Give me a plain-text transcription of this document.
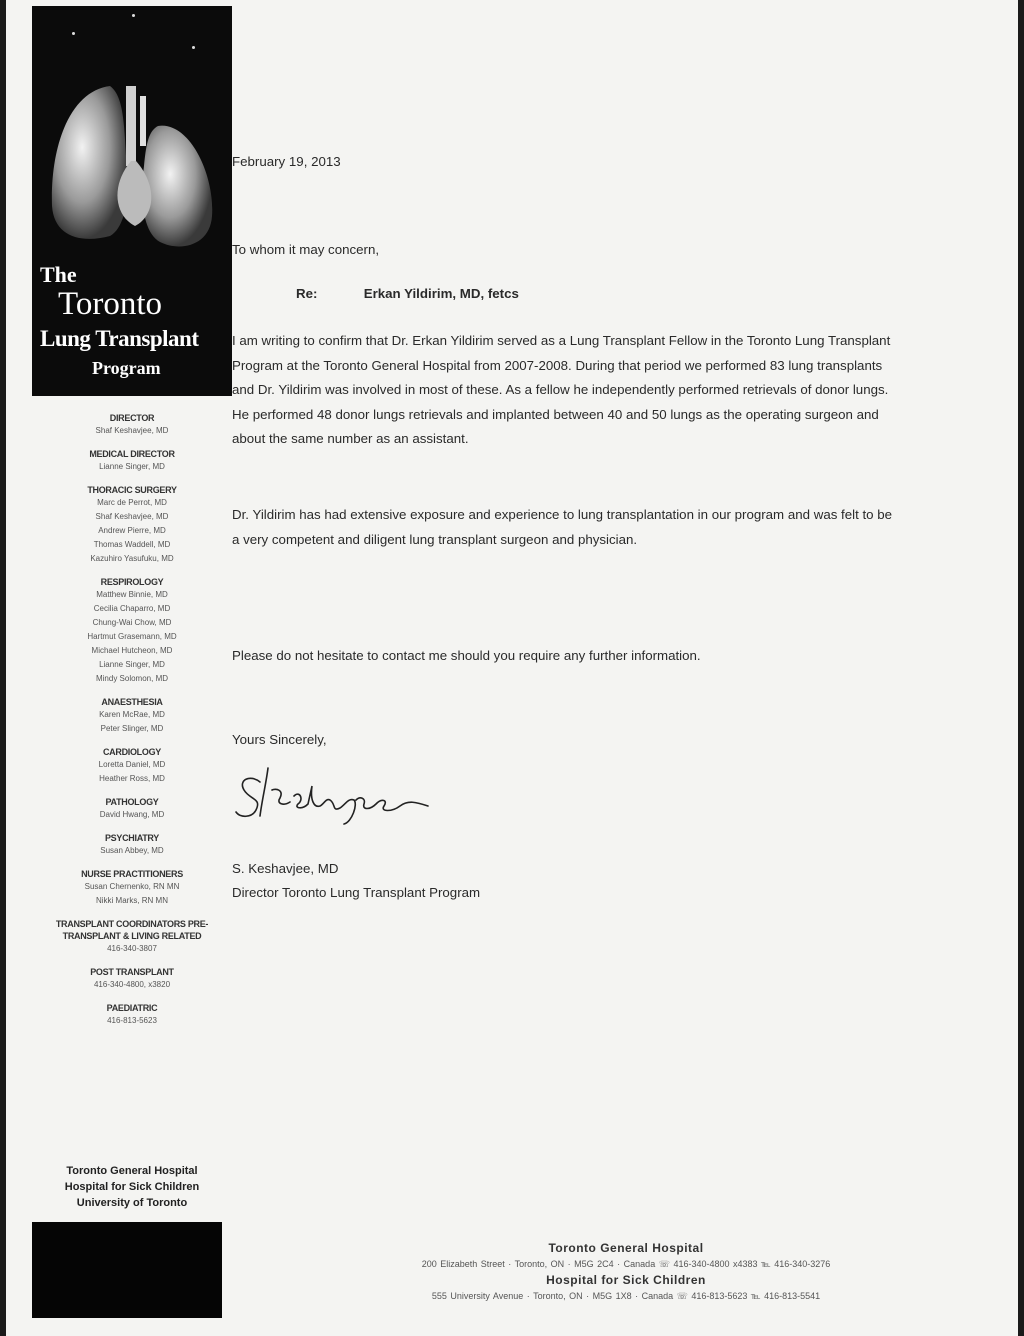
The
Toronto
Lung Transplant
Program
DIRECTOR
Shaf Keshavjee, MD
MEDICAL DIRECTOR
Lianne Singer, MD
THORACIC SURGERY
Marc de Perrot, MD
Shaf Keshavjee, MD
Andrew Pierre, MD
Thomas Waddell, MD
Kazuhiro Yasufuku, MD
RESPIROLOGY
Matthew Binnie, MD
Cecilia Chaparro, MD
Chung-Wai Chow, MD
Hartmut Grasemann, MD
Michael Hutcheon, MD
Lianne Singer, MD
Mindy Solomon, MD
ANAESTHESIA
Karen McRae, MD
Peter Slinger, MD
CARDIOLOGY
Loretta Daniel, MD
Heather Ross, MD
PATHOLOGY
David Hwang, MD
PSYCHIATRY
Susan Abbey, MD
NURSE PRACTITIONERS
Susan Chernenko, RN MN
Nikki Marks, RN MN
TRANSPLANT COORDINATORS PRE-TRANSPLANT & LIVING RELATED
416-340-3807
POST TRANSPLANT
416-340-4800, x3820
PAEDIATRIC
416-813-5623
Toronto General Hospital
Hospital for Sick Children
University of Toronto
February 19, 2013
To whom it may concern,
Re:	Erkan Yildirim, MD, fetcs
I am writing to confirm that Dr. Erkan Yildirim served as a Lung Transplant Fellow in the Toronto Lung Transplant Program at the Toronto General Hospital from 2007-2008. During that period we performed 83 lung transplants and Dr. Yildirim was involved in most of these. As a fellow he independently performed retrievals of donor lungs. He performed 48 donor lungs retrievals and implanted between 40 and 50 lungs as the operating surgeon and about the same number as an assistant.
Dr. Yildirim has had extensive exposure and experience to lung transplantation in our program and was felt to be a very competent and diligent lung transplant surgeon and physician.
Please do not hesitate to contact me should you require any further information.
Yours Sincerely,
S. Keshavjee, MD
Director Toronto Lung Transplant Program
Toronto General Hospital
200 Elizabeth Street · Toronto, ON · M5G 2C4 · Canada ☏ 416-340-4800 x4383 ℡ 416-340-3276
Hospital for Sick Children
555 University Avenue · Toronto, ON · M5G 1X8 · Canada ☏ 416-813-5623 ℡ 416-813-5541
